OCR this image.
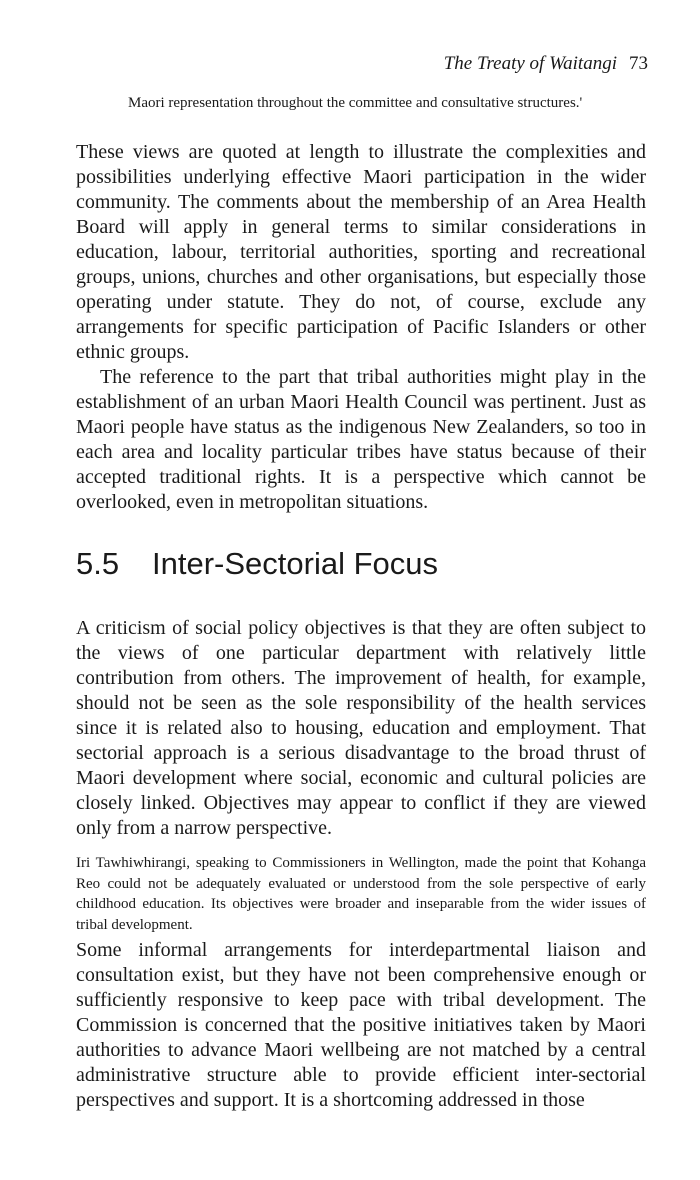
The Treaty of Waitangi 73

Maori representation throughout the committee and consultative structures.'

These views are quoted at length to illustrate the complexities and possibilities underlying effective Maori participation in the wider community. The comments about the membership of an Area Health Board will apply in general terms to similar considerations in education, labour, territorial authorities, sporting and recreational groups, unions, churches and other organisations, but especially those operating under statute. They do not, of course, exclude any arrangements for specific participation of Pacific Islanders or other ethnic groups.

The reference to the part that tribal authorities might play in the establishment of an urban Maori Health Council was pertinent. Just as Maori people have status as the indigenous New Zealanders, so too in each area and locality particular tribes have status because of their accepted traditional rights. It is a perspective which cannot be overlooked, even in metropolitan situations.

5.5 Inter-Sectorial Focus

A criticism of social policy objectives is that they are often subject to the views of one particular department with relatively little contribution from others. The improvement of health, for example, should not be seen as the sole responsibility of the health services since it is related also to housing, education and employment. That sectorial approach is a serious disadvantage to the broad thrust of Maori development where social, economic and cultural policies are closely linked. Objectives may appear to conflict if they are viewed only from a narrow perspective.

Iri Tawhiwhirangi, speaking to Commissioners in Wellington, made the point that Kohanga Reo could not be adequately evaluated or understood from the sole perspective of early childhood education. Its objectives were broader and inseparable from the wider issues of tribal development.

Some informal arrangements for interdepartmental liaison and consultation exist, but they have not been comprehensive enough or sufficiently responsive to keep pace with tribal development. The Commission is concerned that the positive initiatives taken by Maori authorities to advance Maori wellbeing are not matched by a central administrative structure able to provide efficient inter-sectorial perspectives and support. It is a shortcoming addressed in those
